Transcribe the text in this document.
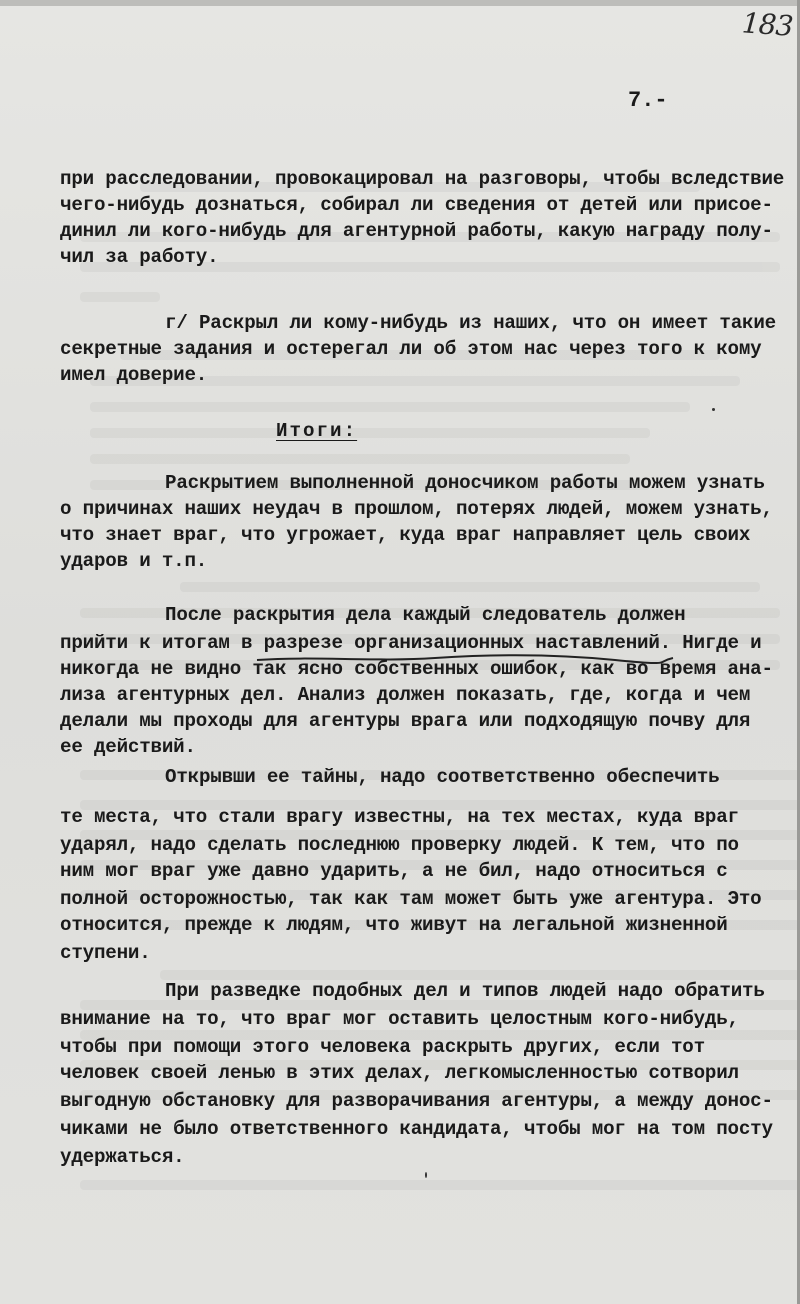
183
7.-
при расследовании, провокацировал на разговоры, чтобы вследствие
чего-нибудь дознаться, собирал ли сведения от детей или присое-
динил ли кого-нибудь для агентурной работы, какую награду полу-
чил за работу.
г/ Раскрыл ли кому-нибудь из наших, что он имеет такие
секретные задания и остерегал ли об этом нас через того к кому
имел доверие.
Итоги:
Раскрытием выполненной доносчиком работы можем узнать
о причинах наших неудач в прошлом, потерях людей, можем узнать,
что знает враг, что угрожает, куда враг направляет цель своих
ударов и т.п.
После раскрытия дела каждый следователь должен
прийти к итогам в разрезе организационных наставлений. Нигде и
никогда не видно так ясно собственных ошибок, как во время ана-
лиза агентурных дел. Анализ должен показать, где, когда и чем
делали мы проходы для агентуры врага или подходящую почву для
ее действий.
Открывши ее тайны, надо соответственно обеспечить
те места, что стали врагу известны, на тех местах, куда враг
ударял, надо сделать последнюю проверку людей. К тем, что по
ним мог враг уже давно ударить, а не бил, надо относиться с
полной осторожностью, так как там может быть уже агентура. Это
относится, прежде к людям, что живут на легальной жизненной
ступени.
При разведке подобных дел и типов людей надо обратить
внимание на то, что враг мог оставить целостным кого-нибудь,
чтобы при помощи этого человека раскрыть других, если тот
человек своей ленью в этих делах, легкомысленностью сотворил
выгодную обстановку для разворачивания агентуры, а между донос-
чиками не было ответственного кандидата, чтобы мог на том посту
удержаться.
